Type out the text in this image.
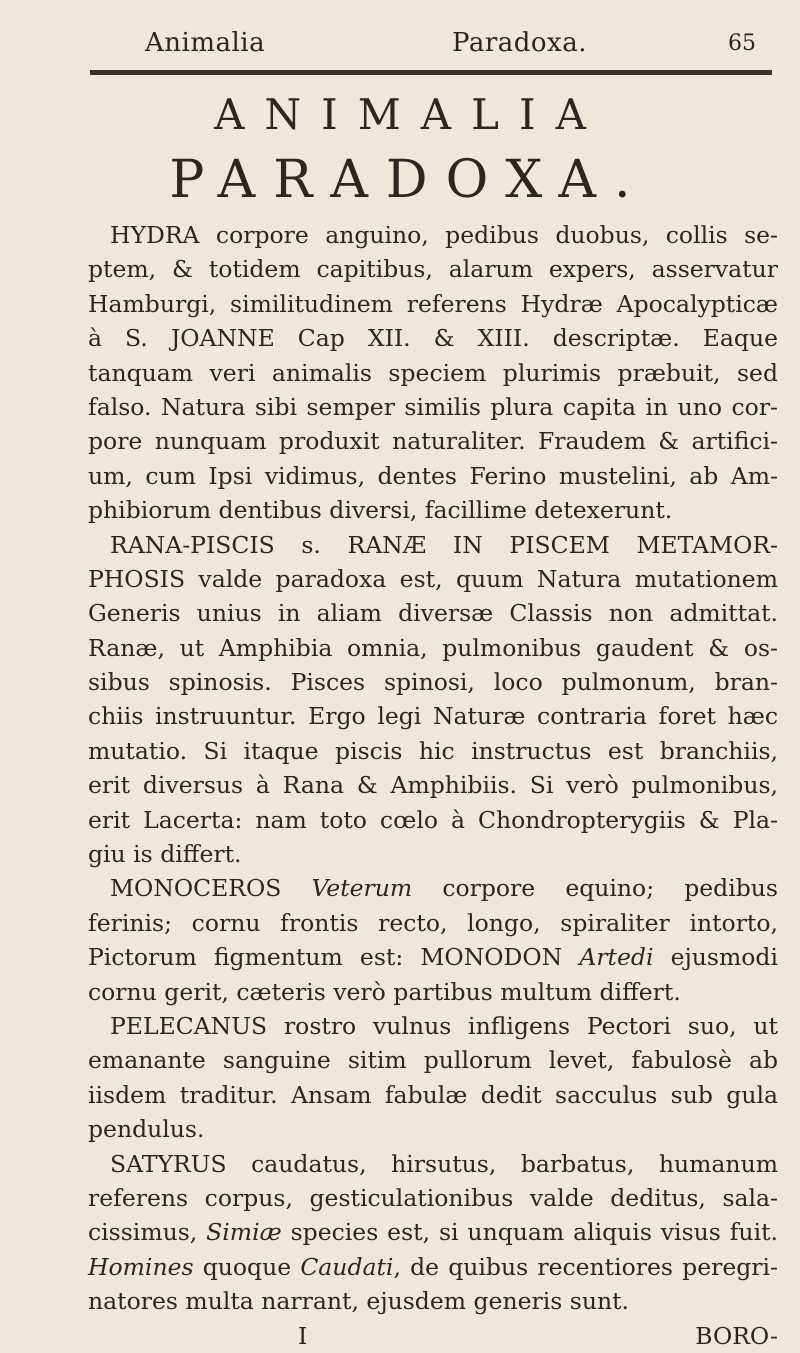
Animalia	Paradoxa.	65
ANIMALIA
PARADOXA.
HYDRA corpore anguino, pedibus duobus, collis se-
ptem, & totidem capitibus, alarum expers, asservatur
Hamburgi, similitudinem referens Hydræ Apocalypticæ
à S. JOANNE Cap XII. & XIII. descriptæ. Eaque
tanquam veri animalis speciem plurimis præbuit, sed
falso. Natura sibi semper similis plura capita in uno cor-
pore nunquam produxit naturaliter. Fraudem & artifici-
um, cum Ipsi vidimus, dentes Ferino mustelini, ab Am-
phibiorum dentibus diversi, facillime detexerunt.
RANA-PISCIS s. RANÆ IN PISCEM METAMOR-
PHOSIS valde paradoxa est, quum Natura mutationem
Generis unius in aliam diversæ Classis non admittat.
Ranæ, ut Amphibia omnia, pulmonibus gaudent & os-
sibus spinosis. Pisces spinosi, loco pulmonum, bran-
chiis instruuntur. Ergo legi Naturæ contraria foret hæc
mutatio. Si itaque piscis hic instructus est branchiis,
erit diversus à Rana & Amphibiis. Si verò pulmonibus,
erit Lacerta: nam toto cœlo à Chondropterygiis & Pla-
giu is differt.
MONOCEROS Veterum corpore equino; pedibus
ferinis; cornu frontis recto, longo, spiraliter intorto,
Pictorum figmentum est: MONODON Artedi ejusmodi
cornu gerit, cæteris verò partibus multum differt.
PELECANUS rostro vulnus infligens Pectori suo, ut
emanante sanguine sitim pullorum levet, fabulosè ab
iisdem traditur. Ansam fabulæ dedit sacculus sub gula
pendulus.
SATYRUS caudatus, hirsutus, barbatus, humanum
referens corpus, gesticulationibus valde deditus, sala-
cissimus, Simiæ species est, si unquam aliquis visus fuit.
Homines quoque Caudati, de quibus recentiores peregri-
natores multa narrant, ejusdem generis sunt.
I	BORO-
